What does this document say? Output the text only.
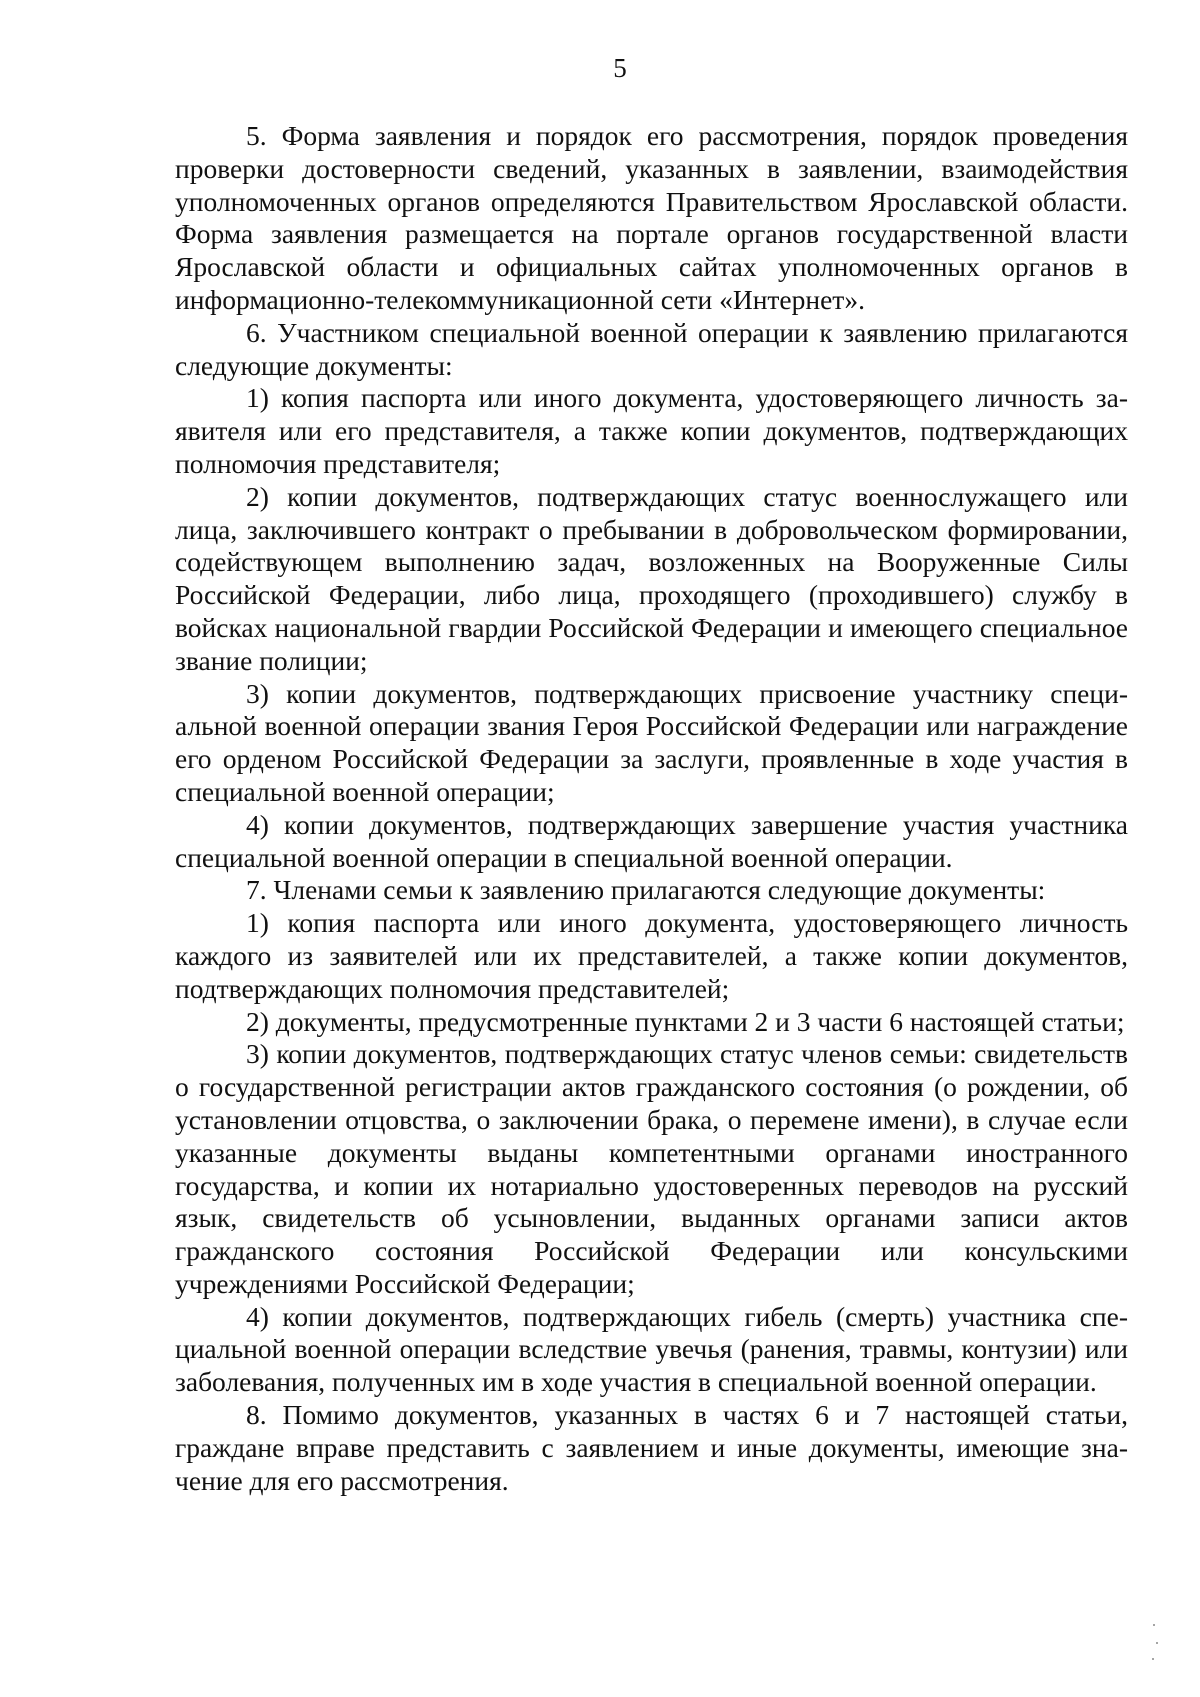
5

5. Форма заявления и порядок его рассмотрения, порядок проведения проверки достоверности сведений, указанных в заявлении, взаимодействия уполномоченных органов определяются Правительством Ярославской области. Форма заявления размещается на портале органов государственной власти Ярославской области и официальных сайтах уполномоченных органов в информационно-телекоммуникационной сети «Интернет».

6. Участником специальной военной операции к заявлению прилагаются следующие документы:

1) копия паспорта или иного документа, удостоверяющего личность заявителя или его представителя, а также копии документов, подтверждающих полномочия представителя;

2) копии документов, подтверждающих статус военнослужащего или лица, заключившего контракт о пребывании в добровольческом формировании, содействующем выполнению задач, возложенных на Вооруженные Силы Российской Федерации, либо лица, проходящего (проходившего) службу в войсках национальной гвардии Российской Федерации и имеющего специальное звание полиции;

3) копии документов, подтверждающих присвоение участнику специальной военной операции звания Героя Российской Федерации или награждение его орденом Российской Федерации за заслуги, проявленные в ходе участия в специальной военной операции;

4) копии документов, подтверждающих завершение участия участника специальной военной операции в специальной военной операции.

7. Членами семьи к заявлению прилагаются следующие документы:

1) копия паспорта или иного документа, удостоверяющего личность каждого из заявителей или их представителей, а также копии документов, подтверждающих полномочия представителей;

2) документы, предусмотренные пунктами 2 и 3 части 6 настоящей статьи;

3) копии документов, подтверждающих статус членов семьи: свидетельств о государственной регистрации актов гражданского состояния (о рождении, об установлении отцовства, о заключении брака, о перемене имени), в случае если указанные документы выданы компетентными органами иностранного государства, и копии их нотариально удостоверенных переводов на русский язык, свидетельств об усыновлении, выданных органами записи актов гражданского состояния Российской Федерации или консульскими учреждениями Российской Федерации;

4) копии документов, подтверждающих гибель (смерть) участника специальной военной операции вследствие увечья (ранения, травмы, контузии) или заболевания, полученных им в ходе участия в специальной военной операции.

8. Помимо документов, указанных в частях 6 и 7 настоящей статьи, граждане вправе представить с заявлением и иные документы, имеющие значение для его рассмотрения.
